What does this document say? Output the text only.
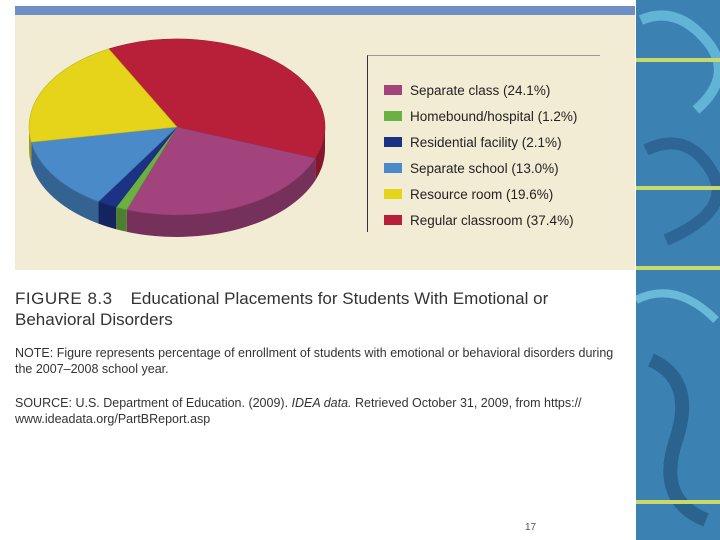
Separate class (24.1%)
Homebound/hospital (1.2%)
Residential facility (2.1%)
Separate school (13.0%)
Resource room (19.6%)
Regular classroom (37.4%)
FIGURE 8.3 Educational Placements for Students With Emotional or Behavioral Disorders
NOTE: Figure represents percentage of enrollment of students with emotional or behavioral disorders during the 2007–2008 school year.
SOURCE: U.S. Department of Education. (2009). IDEA data. Retrieved October 31, 2009, from https:// www.ideadata.org/PartBReport.asp
17
